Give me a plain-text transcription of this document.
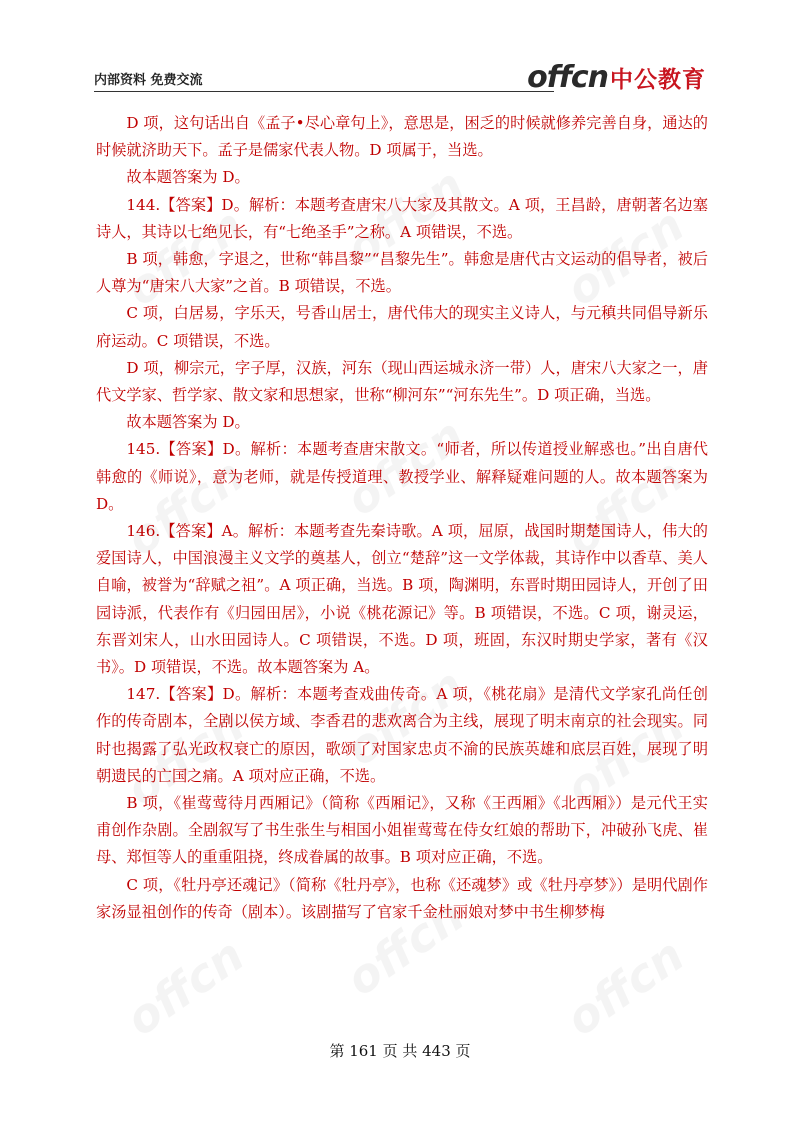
内部资料 免费交流	offcn 中公教育

D 项，这句话出自《孟子•尽心章句上》，意思是，困乏的时候就修养完善自身，通达的时候就济助天下。孟子是儒家代表人物。D 项属于，当选。

故本题答案为 D。

144.【答案】D。解析：本题考查唐宋八大家及其散文。A 项，王昌龄，唐朝著名边塞诗人，其诗以七绝见长，有“七绝圣手”之称。A 项错误，不选。

B 项，韩愈，字退之，世称“韩昌黎”“昌黎先生”。韩愈是唐代古文运动的倡导者，被后人尊为“唐宋八大家”之首。B 项错误，不选。

C 项，白居易，字乐天，号香山居士，唐代伟大的现实主义诗人，与元稹共同倡导新乐府运动。C 项错误，不选。

D 项，柳宗元，字子厚，汉族，河东（现山西运城永济一带）人，唐宋八大家之一，唐代文学家、哲学家、散文家和思想家，世称“柳河东”“河东先生”。D 项正确，当选。

故本题答案为 D。

145.【答案】D。解析：本题考查唐宋散文。“师者，所以传道授业解惑也。”出自唐代韩愈的《师说》，意为老师，就是传授道理、教授学业、解释疑难问题的人。故本题答案为 D。

146.【答案】A。解析：本题考查先秦诗歌。A 项，屈原，战国时期楚国诗人，伟大的爱国诗人，中国浪漫主义文学的奠基人，创立“楚辞”这一文学体裁，其诗作中以香草、美人自喻，被誉为“辞赋之祖”。A 项正确，当选。B 项，陶渊明，东晋时期田园诗人，开创了田园诗派，代表作有《归园田居》，小说《桃花源记》等。B 项错误，不选。C 项，谢灵运，东晋刘宋人，山水田园诗人。C 项错误，不选。D 项，班固，东汉时期史学家，著有《汉书》。D 项错误，不选。故本题答案为 A。

147.【答案】D。解析：本题考查戏曲传奇。A 项，《桃花扇》是清代文学家孔尚任创作的传奇剧本，全剧以侯方域、李香君的悲欢离合为主线，展现了明末南京的社会现实。同时也揭露了弘光政权衰亡的原因，歌颂了对国家忠贞不渝的民族英雄和底层百姓，展现了明朝遗民的亡国之痛。A 项对应正确，不选。

B 项，《崔莺莺待月西厢记》（简称《西厢记》，又称《王西厢》《北西厢》）是元代王实甫创作杂剧。全剧叙写了书生张生与相国小姐崔莺莺在侍女红娘的帮助下，冲破孙飞虎、崔母、郑恒等人的重重阻挠，终成眷属的故事。B 项对应正确，不选。

C 项，《牡丹亭还魂记》（简称《牡丹亭》，也称《还魂梦》或《牡丹亭梦》）是明代剧作家汤显祖创作的传奇（剧本）。该剧描写了官家千金杜丽娘对梦中书生柳梦梅

第 161 页 共 443 页
